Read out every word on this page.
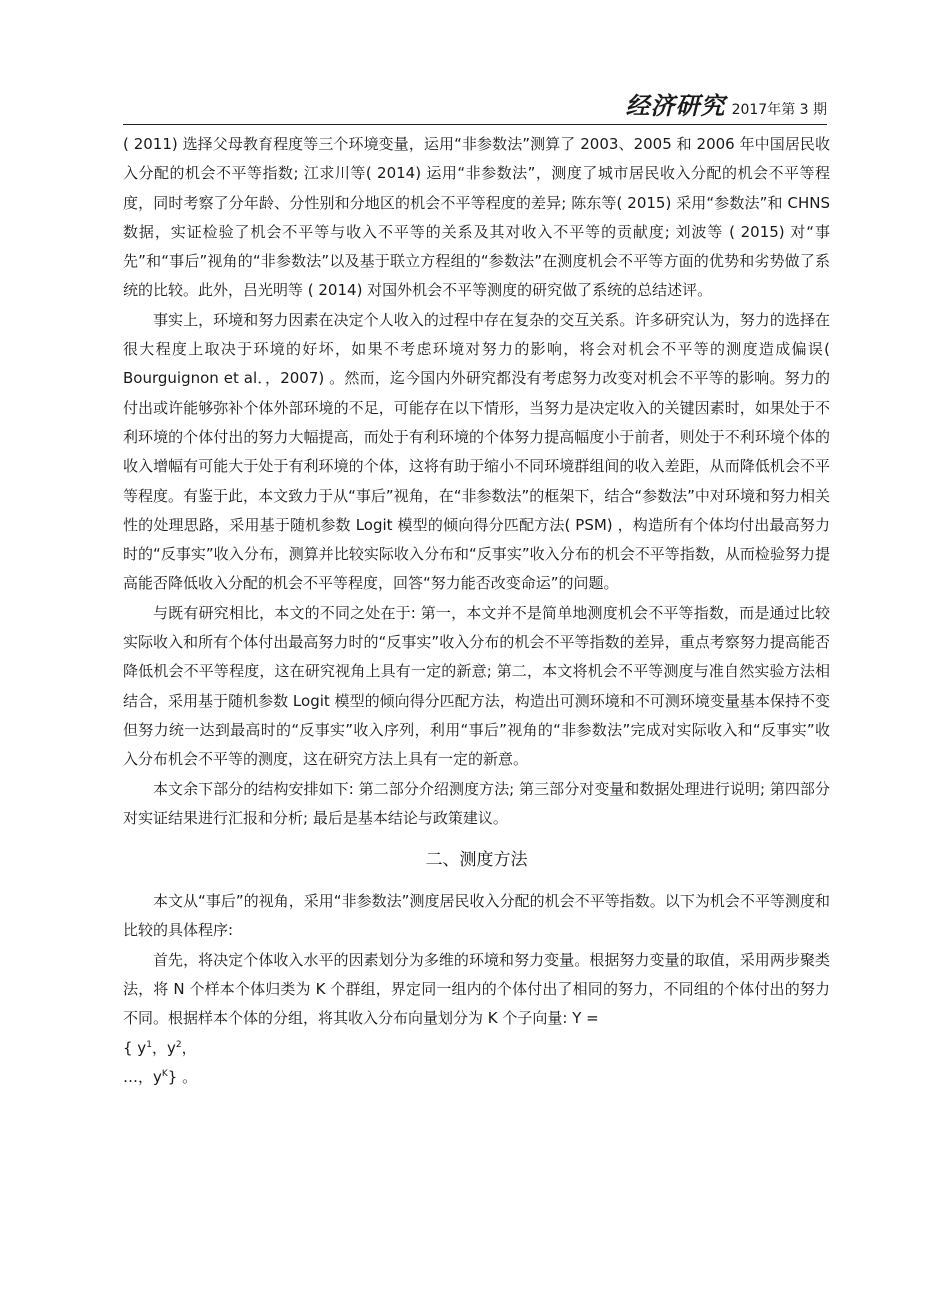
经济研究 2017年第 3 期

( 2011) 选择父母教育程度等三个环境变量，运用“非参数法”测算了 2003、2005 和 2006 年中国居民收入分配的机会不平等指数; 江求川等( 2014) 运用“非参数法”，测度了城市居民收入分配的机会不平等程度，同时考察了分年龄、分性别和分地区的机会不平等程度的差异; 陈东等( 2015) 采用“参数法”和 CHNS 数据，实证检验了机会不平等与收入不平等的关系及其对收入不平等的贡献度; 刘波等 ( 2015) 对“事先”和“事后”视角的“非参数法”以及基于联立方程组的“参数法”在测度机会不平等方面的优势和劣势做了系统的比较。此外，吕光明等 ( 2014) 对国外机会不平等测度的研究做了系统的总结述评。

事实上，环境和努力因素在决定个人收入的过程中存在复杂的交互关系。许多研究认为，努力的选择在很大程度上取决于环境的好坏，如果不考虑环境对努力的影响，将会对机会不平等的测度造成偏误( Bourguignon et al．，2007) 。然而，迄今国内外研究都没有考虑努力改变对机会不平等的影响。努力的付出或许能够弥补个体外部环境的不足，可能存在以下情形，当努力是决定收入的关键因素时，如果处于不利环境的个体付出的努力大幅提高，而处于有利环境的个体努力提高幅度小于前者，则处于不利环境个体的收入增幅有可能大于处于有利环境的个体，这将有助于缩小不同环境群组间的收入差距，从而降低机会不平等程度。有鉴于此，本文致力于从“事后”视角，在“非参数法”的框架下，结合“参数法”中对环境和努力相关性的处理思路，采用基于随机参数 Logit 模型的倾向得分匹配方法( PSM) ，构造所有个体均付出最高努力时的“反事实”收入分布，测算并比较实际收入分布和“反事实”收入分布的机会不平等指数，从而检验努力提高能否降低收入分配的机会不平等程度，回答“努力能否改变命运”的问题。

与既有研究相比，本文的不同之处在于: 第一，本文并不是简单地测度机会不平等指数，而是通过比较实际收入和所有个体付出最高努力时的“反事实”收入分布的机会不平等指数的差异，重点考察努力提高能否降低机会不平等程度，这在研究视角上具有一定的新意; 第二，本文将机会不平等测度与准自然实验方法相结合，采用基于随机参数 Logit 模型的倾向得分匹配方法，构造出可测环境和不可测环境变量基本保持不变但努力统一达到最高时的“反事实”收入序列，利用“事后”视角的“非参数法”完成对实际收入和“反事实”收入分布机会不平等的测度，这在研究方法上具有一定的新意。

本文余下部分的结构安排如下: 第二部分介绍测度方法; 第三部分对变量和数据处理进行说明; 第四部分对实证结果进行汇报和分析; 最后是基本结论与政策建议。

二、测度方法

本文从“事后”的视角，采用“非参数法”测度居民收入分配的机会不平等指数。以下为机会不平等测度和比较的具体程序:

首先，将决定个体收入水平的因素划分为多维的环境和努力变量。根据努力变量的取值，采用两步聚类法，将 N 个样本个体归类为 K 个群组，界定同一组内的个体付出了相同的努力，不同组的个体付出的努力不同。根据样本个体的分组，将其收入分布向量划分为 K 个子向量: Y =

{ $y^1$，$y^2$，

…，$y^K$} 。
